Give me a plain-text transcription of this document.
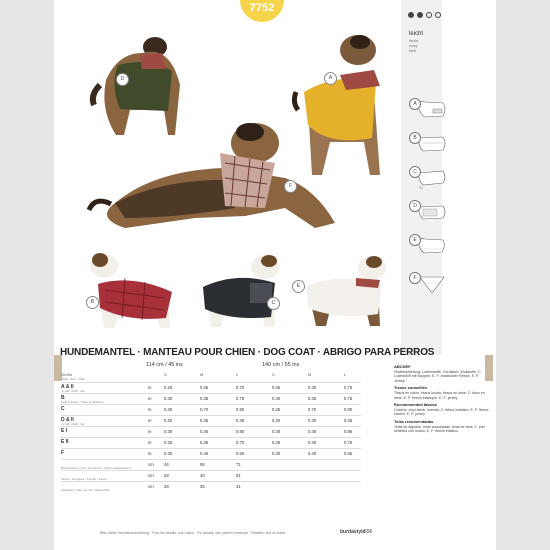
7752
leicht
facile
easy
fácil
A
B
C
D
E
F
D	A
F
B	C
E
HUNDEMANTEL · MANTEAU POUR CHIEN · DOG COAT · ABRIGO PARA PERROS
114 cm / 45 ins	140 cm / 55 ins
Größe
Taille / Size / Talla
S	M	L	S	M	L
A & II
m, äär, mitch, rom
m	0.25	0.35	0.70	0.25	0.30	0.75
B
Stoff & Futter / Tissu & doublure
m	0.30	0.35	0.75	0.30	0.35	0.75
C	m	0.30	0.70	0.90	0.25	0.70	0.90
D & II
m, äär, mitch, rom
m	0.20	0.35	0.45	0.20	0.30	0.45
E I	m	0.30	0.45	0.80	0.30	0.45	0.85
E II	m	0.25	0.35	0.70	0.25	0.30	0.75
F	m	0.30	0.40	0.55	0.30	0.40	0.55
Brustumfang / Tour de poitrine / Chest measurement
cm 44	58	71
Länge / Longueur / Length / Largo
cm 28	40	51
Halsweite / Tour de cou / Neck width
cm 28	35	41
ABCDEF
Stoffempfehlung: Lodenstoffe, Cordsamt, Wollstoffe; C: Lodenstoff mit Noppen; E, F: elastischer Fleece, E, F: Jersey
Tissus conseillés
Tissus en coton, tissus lourds, tissus en laine; C: tissu en laine; E, F: fleece élastique; E, F: jersey
Recommended fabrics
Cottons, vinyl fabric, tweeds; C: felted imitation, E, F: fleece stretch; E, F: jersey
Telas recomendadas
Telas de algodón, telas acolchadas, telas de lana; C: piel sintética con nudos; E, F: fleece elástico
Bitte siehe Schnittbeschreibung · Pour les détails, voir notice · For details, see pattern envelope · Detalles, leer el sobre	burdastyle
596
